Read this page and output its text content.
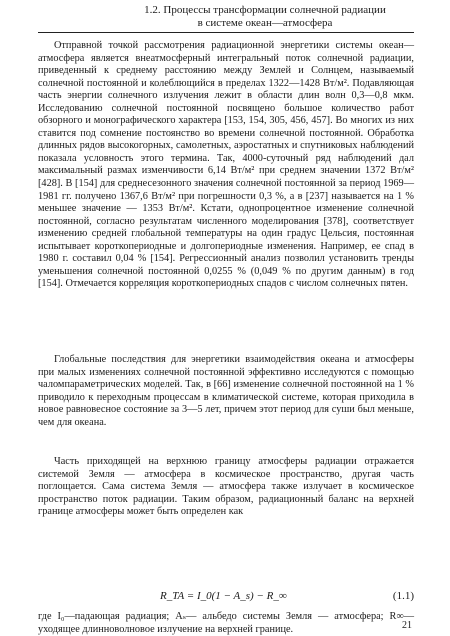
1.2. Процессы трансформации солнечной радиации
в системе океан—атмосфера

Отправной точкой рассмотрения радиационной энергетики системы океан—атмосфера является внеатмосферный интегральный поток солнечной радиации, приведенный к среднему расстоянию между Землей и Солнцем, называемый солнечной постоянной и колеблющийся в пределах 1322—1428 Вт/м². Подавляющая часть энергии солнечного излучения лежит в области длин волн 0,3—0,8 мкм. Исследованию солнечной постоянной посвящено большое количество работ обзорного и монографического характера [153, 154, 305, 456, 457]. Во многих из них ставится под сомнение постоянство во времени солнечной постоянной. Обработка длинных рядов высокогорных, самолетных, аэростатных и спутниковых наблюдений показала условность этого термина. Так, 4000-суточный ряд наблюдений дал максимальный размах изменчивости 6,14 Вт/м² при среднем значении 1372 Вт/м² [428]. В [154] для среднесезонного значения солнечной постоянной за период 1969—1981 гг. получено 1367,6 Вт/м² при погрешности 0,3 %, а в [237] называется на 1 % меньшее значение — 1353 Вт/м². Кстати, однопроцентное изменение солнечной постоянной, согласно результатам численного моделирования [378], соответствует изменению средней глобальной температуры на один градус Цельсия, постоянная испытывает короткопериодные и долгопериодные изменения. Например, ее спад в 1980 г. составил 0,04 % [154]. Регрессионный анализ позволил установить тренды уменьшения солнечной постоянной 0,0255 % (0,049 % по другим данным) в год [154]. Отмечается корреляция короткопериодных спадов с числом солнечных пятен.

Глобальные последствия для энергетики взаимодействия океана и атмосферы при малых изменениях солнечной постоянной эффективно исследуются с помощью чаломпараметрических моделей. Так, в [66] изменение солнечной постоянной на 1 % приводило к переходным процессам в климатической системе, которая приходила в новое равновесное состояние за 3—5 лет, причем этот период для суши был меньше, чем для океана.

Часть приходящей на верхнюю границу атмосферы радиации отражается системой Земля — атмосфера в космическое пространство, другая часть поглощается. Сама система Земля — атмосфера также излучает в космическое пространство поток радиации. Таким образом, радиационный баланс на верхней границе атмосферы может быть определен как

R_TA = I_0(1 − A_s) − R_∞	(1.1)

где I₀—падающая радиация; Aₛ— альбедо системы Земля — атмосфера; R∞—уходящее длинноволновое излучение на верхней границе.	21
